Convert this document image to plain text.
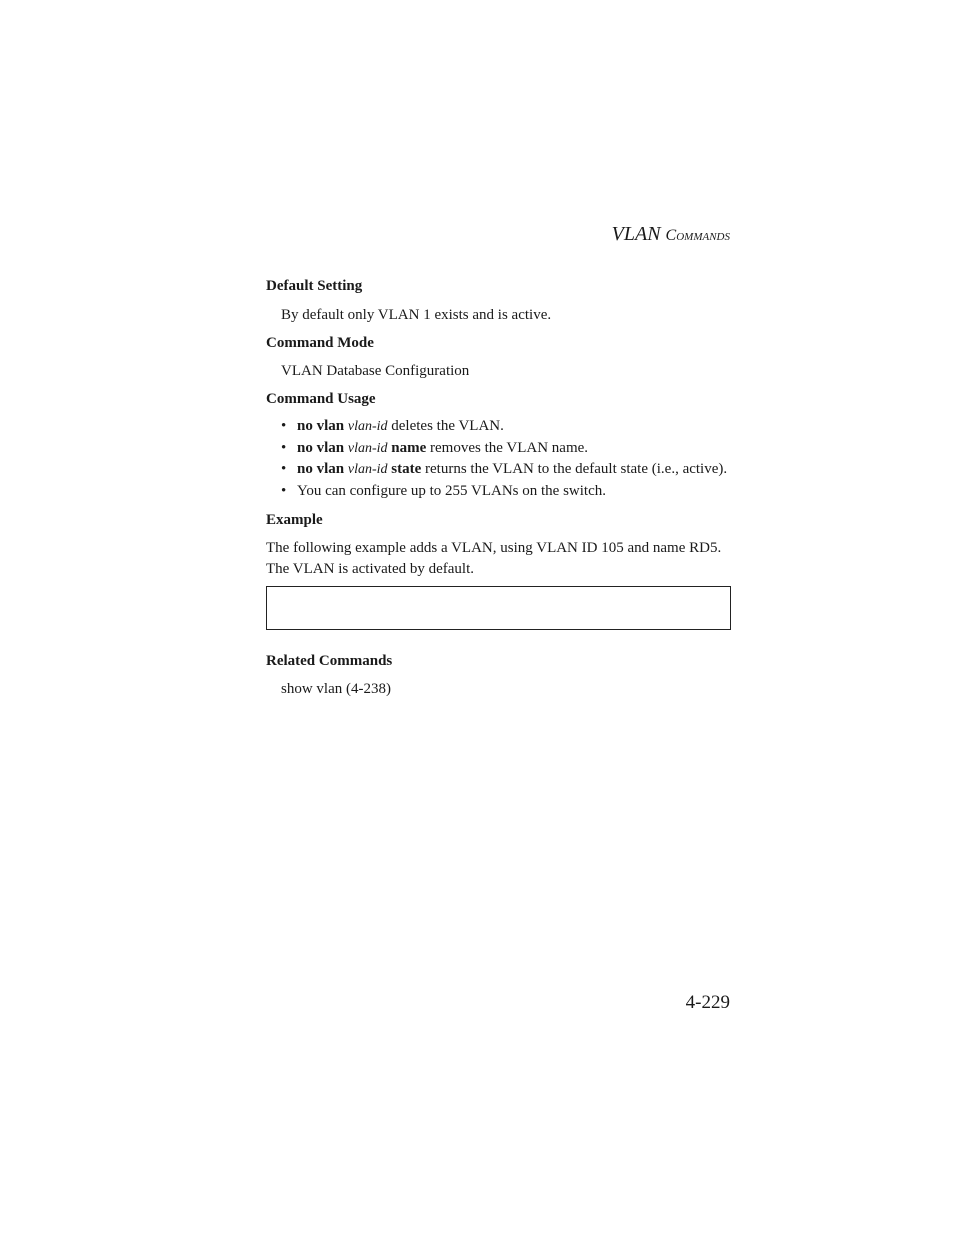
VLAN Commands
Default Setting
By default only VLAN 1 exists and is active.
Command Mode
VLAN Database Configuration
Command Usage
• no vlan vlan-id deletes the VLAN.
• no vlan vlan-id name removes the VLAN name.
• no vlan vlan-id state returns the VLAN to the default state (i.e., active).
• You can configure up to 255 VLANs on the switch.
Example
The following example adds a VLAN, using VLAN ID 105 and name RD5.
The VLAN is activated by default.
Related Commands
show vlan (4-238)
4-229
